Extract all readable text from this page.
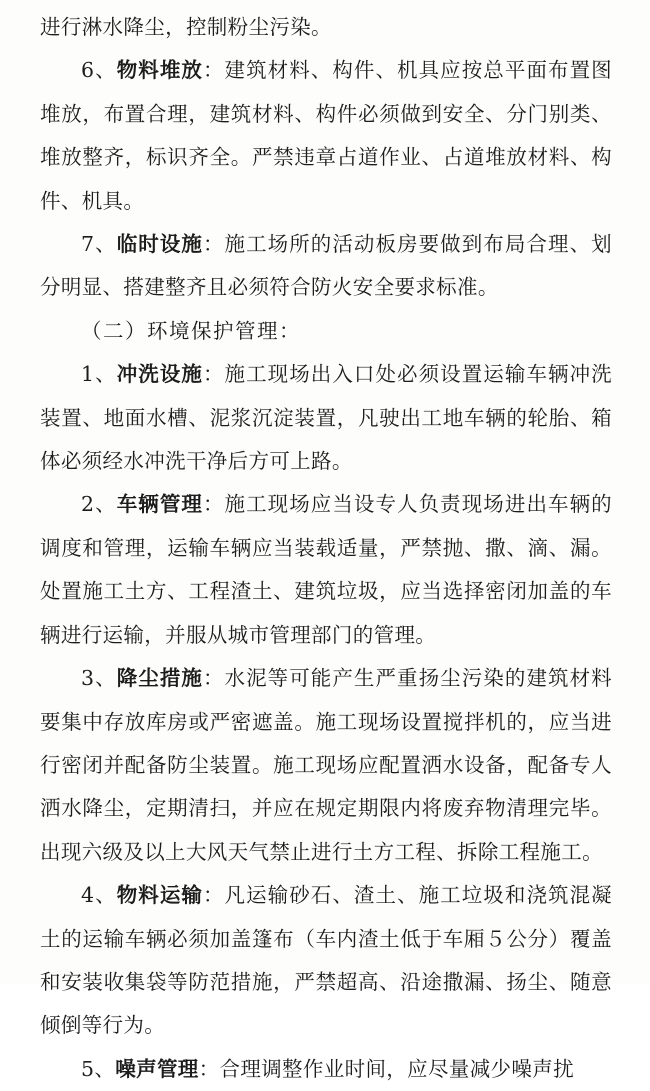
进行淋水降尘，控制粉尘污染。

6、物料堆放：建筑材料、构件、机具应按总平面布置图堆放，布置合理，建筑材料、构件必须做到安全、分门别类、堆放整齐，标识齐全。严禁违章占道作业、占道堆放材料、构件、机具。

7、临时设施：施工场所的活动板房要做到布局合理、划分明显、搭建整齐且必须符合防火安全要求标准。

（二）环境保护管理：

1、冲洗设施：施工现场出入口处必须设置运输车辆冲洗装置、地面水槽、泥浆沉淀装置，凡驶出工地车辆的轮胎、箱体必须经水冲洗干净后方可上路。

2、车辆管理：施工现场应当设专人负责现场进出车辆的调度和管理，运输车辆应当装载适量，严禁抛、撒、滴、漏。处置施工土方、工程渣土、建筑垃圾，应当选择密闭加盖的车辆进行运输，并服从城市管理部门的管理。

3、降尘措施：水泥等可能产生严重扬尘污染的建筑材料要集中存放库房或严密遮盖。施工现场设置搅拌机的，应当进行密闭并配备防尘装置。施工现场应配置洒水设备，配备专人洒水降尘，定期清扫，并应在规定期限内将废弃物清理完毕。出现六级及以上大风天气禁止进行土方工程、拆除工程施工。

4、物料运输：凡运输砂石、渣土、施工垃圾和浇筑混凝土的运输车辆必须加盖篷布（车内渣土低于车厢５公分）覆盖和安装收集袋等防范措施，严禁超高、沿途撒漏、扬尘、随意倾倒等行为。

5、噪声管理：合理调整作业时间，应尽量减少噪声扰
